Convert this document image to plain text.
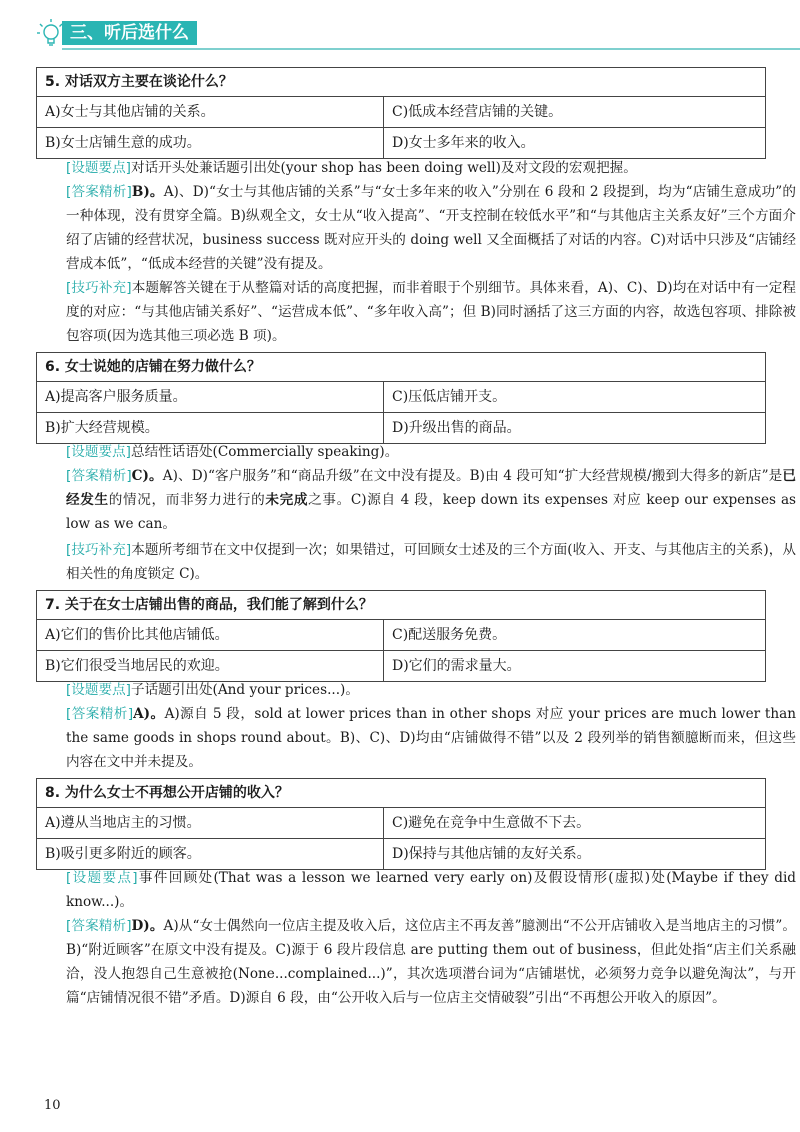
三、听后选什么
5. 对话双方主要在谈论什么？
A)女士与其他店铺的关系。	C)低成本经营店铺的关键。
B)女士店铺生意的成功。	D)女士多年来的收入。
[设题要点]对话开头处兼话题引出处(your shop has been doing well)及对文段的宏观把握。
[答案精析]B)。A)、D)“女士与其他店铺的关系”与“女士多年来的收入”分别在 6 段和 2 段提到，均为“店铺生意成功”的一种体现，没有贯穿全篇。B)纵观全文，女士从“收入提高”、“开支控制在较低水平”和“与其他店主关系友好”三个方面介绍了店铺的经营状况，business success 既对应开头的 doing well 又全面概括了对话的内容。C)对话中只涉及“店铺经营成本低”，“低成本经营的关键”没有提及。
[技巧补充]本题解答关键在于从整篇对话的高度把握，而非着眼于个别细节。具体来看，A)、C)、D)均在对话中有一定程度的对应：“与其他店铺关系好”、“运营成本低”、“多年收入高”；但 B)同时涵括了这三方面的内容，故选包容项、排除被包容项(因为选其他三项必选 B 项)。
6. 女士说她的店铺在努力做什么？
A)提高客户服务质量。	C)压低店铺开支。
B)扩大经营规模。	D)升级出售的商品。
[设题要点]总结性话语处(Commercially speaking)。
[答案精析]C)。A)、D)“客户服务”和“商品升级”在文中没有提及。B)由 4 段可知“扩大经营规模/搬到大得多的新店”是已经发生的情况，而非努力进行的未完成之事。C)源自 4 段，keep down its expenses 对应 keep our expenses as low as we can。
[技巧补充]本题所考细节在文中仅提到一次；如果错过，可回顾女士述及的三个方面(收入、开支、与其他店主的关系)，从相关性的角度锁定 C)。
7. 关于在女士店铺出售的商品，我们能了解到什么？
A)它们的售价比其他店铺低。	C)配送服务免费。
B)它们很受当地居民的欢迎。	D)它们的需求量大。
[设题要点]子话题引出处(And your prices...)。
[答案精析]A)。A)源自 5 段，sold at lower prices than in other shops 对应 your prices are much lower than the same goods in shops round about。B)、C)、D)均由“店铺做得不错”以及 2 段列举的销售额臆断而来，但这些内容在文中并未提及。
8. 为什么女士不再想公开店铺的收入？
A)遵从当地店主的习惯。	C)避免在竞争中生意做不下去。
B)吸引更多附近的顾客。	D)保持与其他店铺的友好关系。
[设题要点]事件回顾处(That was a lesson we learned very early on)及假设情形(虚拟)处(Maybe if they did know...)。
[答案精析]D)。A)从“女士偶然向一位店主提及收入后，这位店主不再友善”臆测出“不公开店铺收入是当地店主的习惯”。B)“附近顾客”在原文中没有提及。C)源于 6 段片段信息 are putting them out of business，但此处指“店主们关系融洽，没人抱怨自己生意被抢(None...complained...)”，其次选项潜台词为“店铺堪忧，必须努力竞争以避免淘汰”，与开篇“店铺情况很不错”矛盾。D)源自 6 段，由“公开收入后与一位店主交情破裂”引出“不再想公开收入的原因”。
10
